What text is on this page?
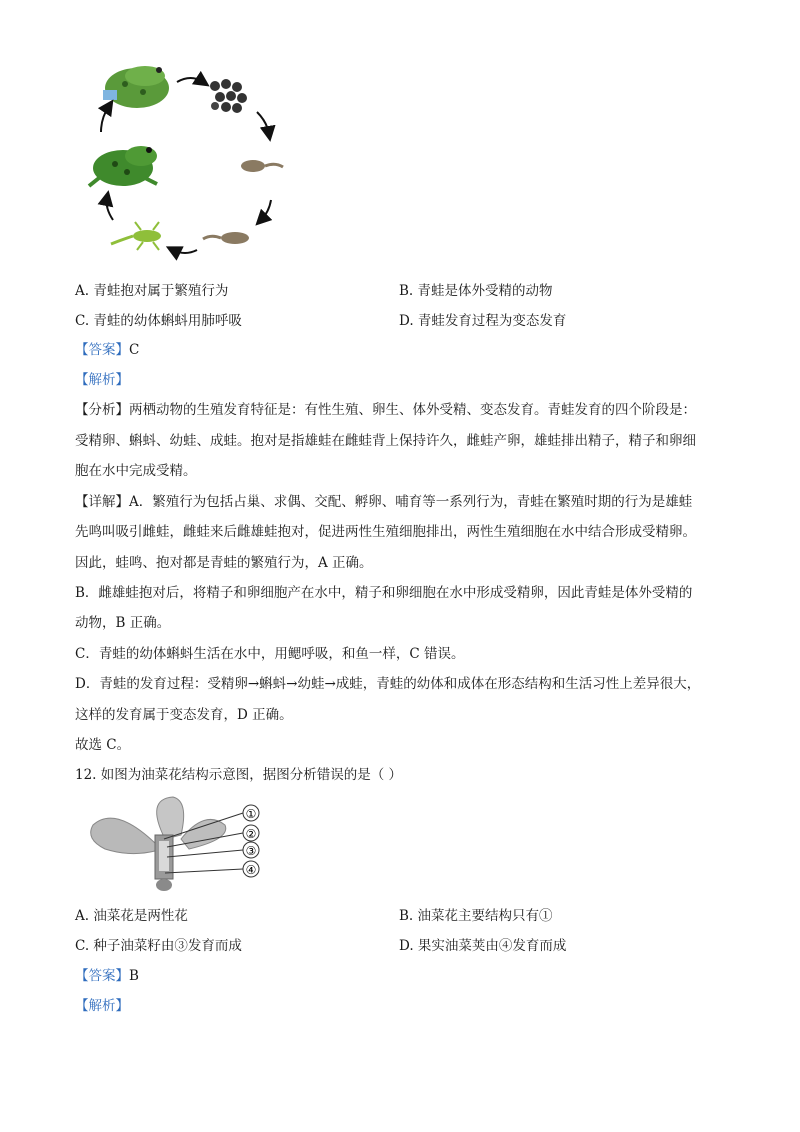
A. 青蛙抱对属于繁殖行为	B. 青蛙是体外受精的动物
C. 青蛙的幼体蝌蚪用肺呼吸	D. 青蛙发育过程为变态发育
【答案】C
【解析】
【分析】两栖动物的生殖发育特征是：有性生殖、卵生、体外受精、变态发育。青蛙发育的四个阶段是：
受精卵、蝌蚪、幼蛙、成蛙。抱对是指雄蛙在雌蛙背上保持许久，雌蛙产卵，雄蛙排出精子，精子和卵细
胞在水中完成受精。
【详解】A．繁殖行为包括占巢、求偶、交配、孵卵、哺育等一系列行为，青蛙在繁殖时期的行为是雄蛙
先鸣叫吸引雌蛙，雌蛙来后雌雄蛙抱对，促进两性生殖细胞排出，两性生殖细胞在水中结合形成受精卵。
因此，蛙鸣、抱对都是青蛙的繁殖行为，A 正确。
B．雌雄蛙抱对后，将精子和卵细胞产在水中，精子和卵细胞在水中形成受精卵，因此青蛙是体外受精的
动物，B 正确。
C．青蛙的幼体蝌蚪生活在水中，用鳃呼吸，和鱼一样，C 错误。
D．青蛙的发育过程：受精卵→蝌蚪→幼蛙→成蛙，青蛙的幼体和成体在形态结构和生活习性上差异很大，
这样的发育属于变态发育，D 正确。
故选 C。
12. 如图为油菜花结构示意图，据图分析错误的是（ ）
①
②
③
④
A. 油菜花是两性花	B. 油菜花主要结构只有①
C. 种子油菜籽由③发育而成	D. 果实油菜荚由④发育而成
【答案】B
【解析】
